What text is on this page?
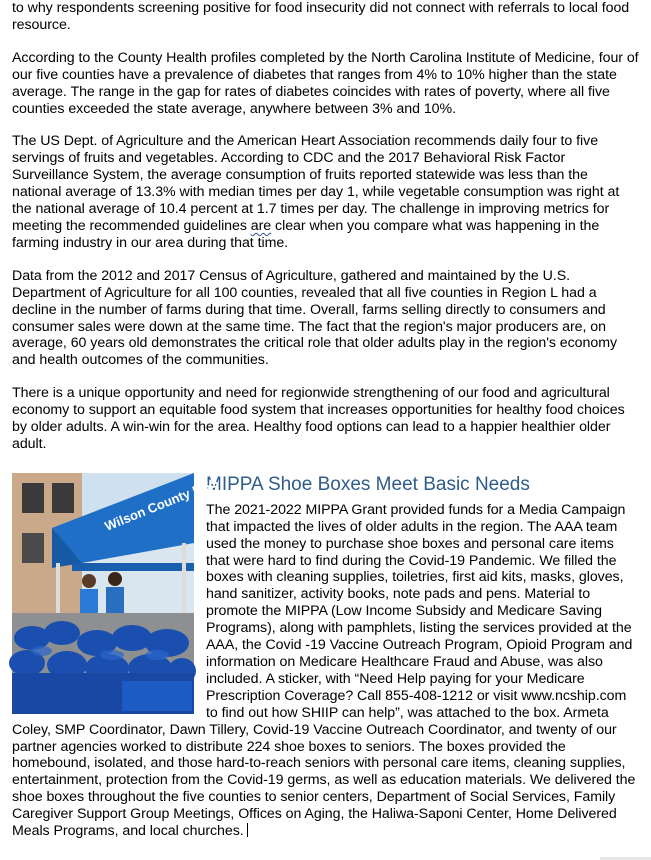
to why respondents screening positive for food insecurity did not connect with referrals to local food resource.

According to the County Health profiles completed by the North Carolina Institute of Medicine, four of our five counties have a prevalence of diabetes that ranges from 4% to 10% higher than the state average. The range in the gap for rates of diabetes coincides with rates of poverty, where all five counties exceeded the state average, anywhere between 3% and 10%.

The US Dept. of Agriculture and the American Heart Association recommends daily four to five servings of fruits and vegetables. According to CDC and the 2017 Behavioral Risk Factor Surveillance System, the average consumption of fruits reported statewide was less than the national average of 13.3% with median times per day 1, while vegetable consumption was right at the national average of 10.4 percent at 1.7 times per day. The challenge in improving metrics for meeting the recommended guidelines are clear when you compare what was happening in the farming industry in our area during that time.

Data from the 2012 and 2017 Census of Agriculture, gathered and maintained by the U.S. Department of Agriculture for all 100 counties, revealed that all five counties in Region L had a decline in the number of farms during that time. Overall, farms selling directly to consumers and consumer sales were down at the same time. The fact that the region's major producers are, on average, 60 years old demonstrates the critical role that older adults play in the region's economy and health outcomes of the communities.

There is a unique opportunity and need for regionwide strengthening of our food and agricultural economy to support an equitable food system that increases opportunities for healthy food choices by older adults. A win-win for the area. Healthy food options can lead to a happier healthier older adult.

Wilson County DSS
MIPPA Shoe Boxes Meet Basic Needs

The 2021-2022 MIPPA Grant provided funds for a Media Campaign that impacted the lives of older adults in the region. The AAA team used the money to purchase shoe boxes and personal care items that were hard to find during the Covid-19 Pandemic. We filled the boxes with cleaning supplies, toiletries, first aid kits, masks, gloves, hand sanitizer, activity books, note pads and pens. Material to promote the MIPPA (Low Income Subsidy and Medicare Saving Programs), along with pamphlets, listing the services provided at the AAA, the Covid -19 Vaccine Outreach Program, Opioid Program and information on Medicare Healthcare Fraud and Abuse, was also included. A sticker, with “Need Help paying for your Medicare Prescription Coverage? Call 855-408-1212 or visit www.ncship.com to find out how SHIIP can help”, was attached to the box. Armeta Coley, SMP Coordinator, Dawn Tillery, Covid-19 Vaccine Outreach Coordinator, and twenty of our partner agencies worked to distribute 224 shoe boxes to seniors. The boxes provided the homebound, isolated, and those hard-to-reach seniors with personal care items, cleaning supplies, entertainment, protection from the Covid-19 germs, as well as education materials. We delivered the shoe boxes throughout the five counties to senior centers, Department of Social Services, Family Caregiver Support Group Meetings, Offices on Aging, the Haliwa-Saponi Center, Home Delivered Meals Programs, and local churches.
